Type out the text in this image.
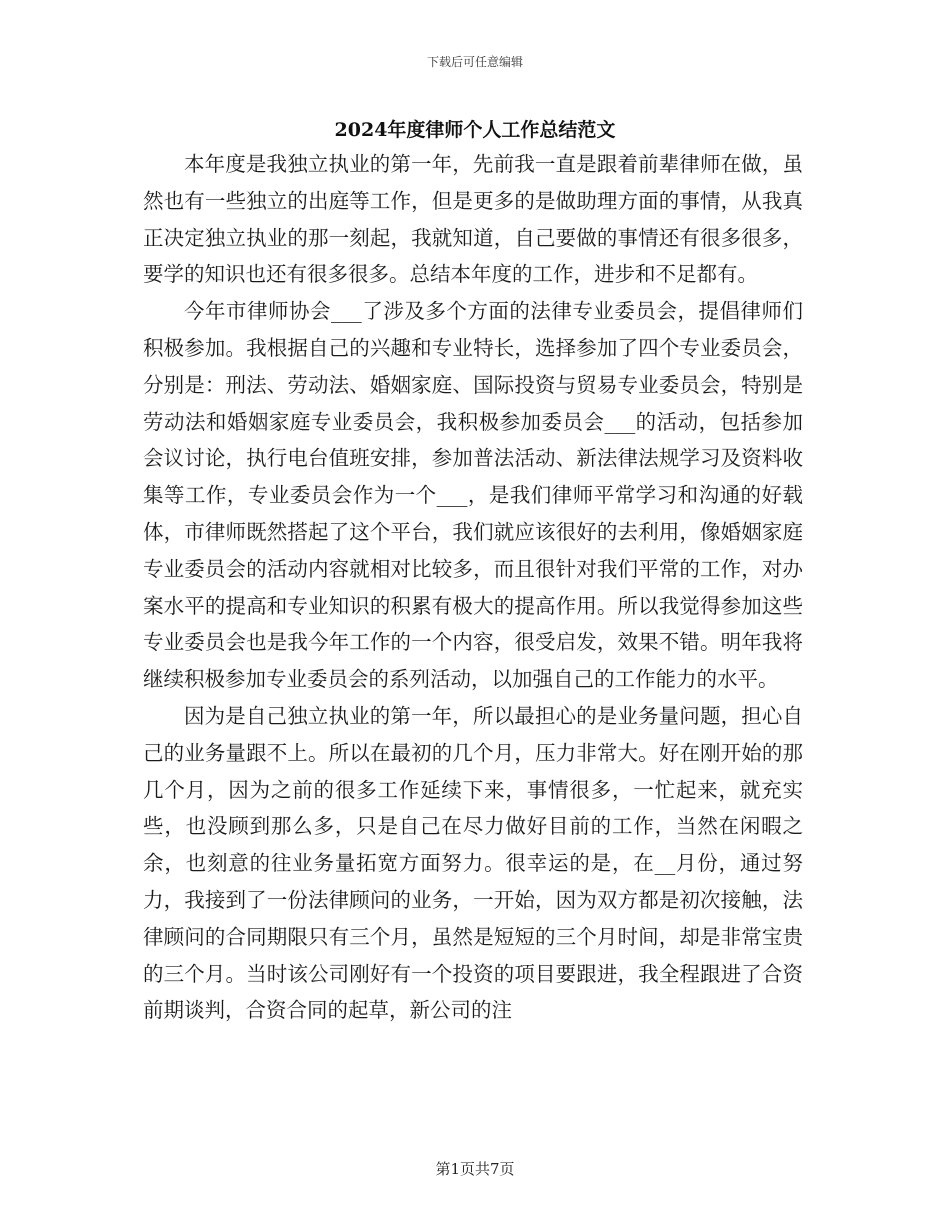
下载后可任意编辑
2024年度律师个人工作总结范文

本年度是我独立执业的第一年，先前我一直是跟着前辈律师在做，虽然也有一些独立的出庭等工作，但是更多的是做助理方面的事情，从我真正决定独立执业的那一刻起，我就知道，自己要做的事情还有很多很多，要学的知识也还有很多很多。总结本年度的工作，进步和不足都有。

今年市律师协会___了涉及多个方面的法律专业委员会，提倡律师们积极参加。我根据自己的兴趣和专业特长，选择参加了四个专业委员会，分别是：刑法、劳动法、婚姻家庭、国际投资与贸易专业委员会，特别是劳动法和婚姻家庭专业委员会，我积极参加委员会___的活动，包括参加会议讨论，执行电台值班安排，参加普法活动、新法律法规学习及资料收集等工作，专业委员会作为一个___，是我们律师平常学习和沟通的好载体，市律师既然搭起了这个平台，我们就应该很好的去利用，像婚姻家庭专业委员会的活动内容就相对比较多，而且很针对我们平常的工作，对办案水平的提高和专业知识的积累有极大的提高作用。所以我觉得参加这些专业委员会也是我今年工作的一个内容，很受启发，效果不错。明年我将继续积极参加专业委员会的系列活动，以加强自己的工作能力的水平。

因为是自己独立执业的第一年，所以最担心的是业务量问题，担心自己的业务量跟不上。所以在最初的几个月，压力非常大。好在刚开始的那几个月，因为之前的很多工作延续下来，事情很多，一忙起来，就充实些，也没顾到那么多，只是自己在尽力做好目前的工作，当然在闲暇之余，也刻意的往业务量拓宽方面努力。很幸运的是，在__月份，通过努力，我接到了一份法律顾问的业务，一开始，因为双方都是初次接触，法律顾问的合同期限只有三个月，虽然是短短的三个月时间，却是非常宝贵的三个月。当时该公司刚好有一个投资的项目要跟进，我全程跟进了合资前期谈判，合资合同的起草，新公司的注

第1页共7页
